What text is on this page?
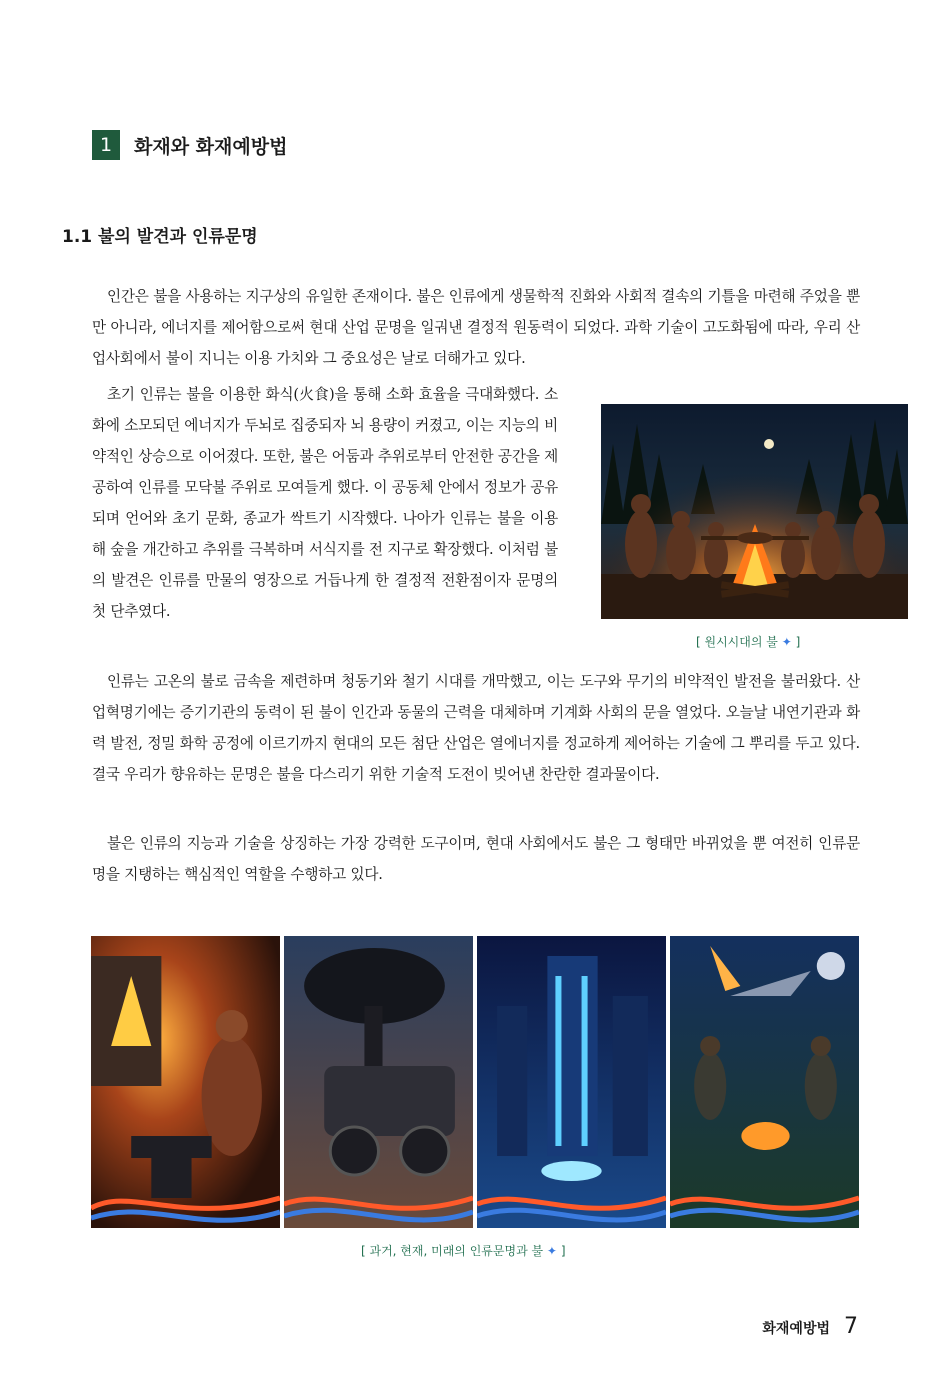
1	화재와 화재예방법
1.1 불의 발견과 인류문명

인간은 불을 사용하는 지구상의 유일한 존재이다. 불은 인류에게 생물학적 진화와 사회적 결속의 기틀을 마련해 주었을 뿐만 아니라, 에너지를 제어함으로써 현대 산업 문명을 일궈낸 결정적 원동력이 되었다. 과학 기술이 고도화됨에 따라, 우리 산업사회에서 불이 지니는 이용 가치와 그 중요성은 날로 더해가고 있다.

초기 인류는 불을 이용한 화식(火食)을 통해 소화 효율을 극대화했다. 소화에 소모되던 에너지가 두뇌로 집중되자 뇌 용량이 커졌고, 이는 지능의 비약적인 상승으로 이어졌다. 또한, 불은 어둠과 추위로부터 안전한 공간을 제공하여 인류를 모닥불 주위로 모여들게 했다. 이 공동체 안에서 정보가 공유되며 언어와 초기 문화, 종교가 싹트기 시작했다. 나아가 인류는 불을 이용해 숲을 개간하고 추위를 극복하며 서식지를 전 지구로 확장했다. 이처럼 불의 발견은 인류를 만물의 영장으로 거듭나게 한 결정적 전환점이자 문명의 첫 단추였다.

[ 원시시대의 불 ✦ ]

인류는 고온의 불로 금속을 제련하며 청동기와 철기 시대를 개막했고, 이는 도구와 무기의 비약적인 발전을 불러왔다. 산업혁명기에는 증기기관의 동력이 된 불이 인간과 동물의 근력을 대체하며 기계화 사회의 문을 열었다. 오늘날 내연기관과 화력 발전, 정밀 화학 공정에 이르기까지 현대의 모든 첨단 산업은 열에너지를 정교하게 제어하는 기술에 그 뿌리를 두고 있다. 결국 우리가 향유하는 문명은 불을 다스리기 위한 기술적 도전이 빚어낸 찬란한 결과물이다.

불은 인류의 지능과 기술을 상징하는 가장 강력한 도구이며, 현대 사회에서도 불은 그 형태만 바뀌었을 뿐 여전히 인류문명을 지탱하는 핵심적인 역할을 수행하고 있다.

[ 과거, 현재, 미래의 인류문명과 불 ✦ ]
화재예방법 7
